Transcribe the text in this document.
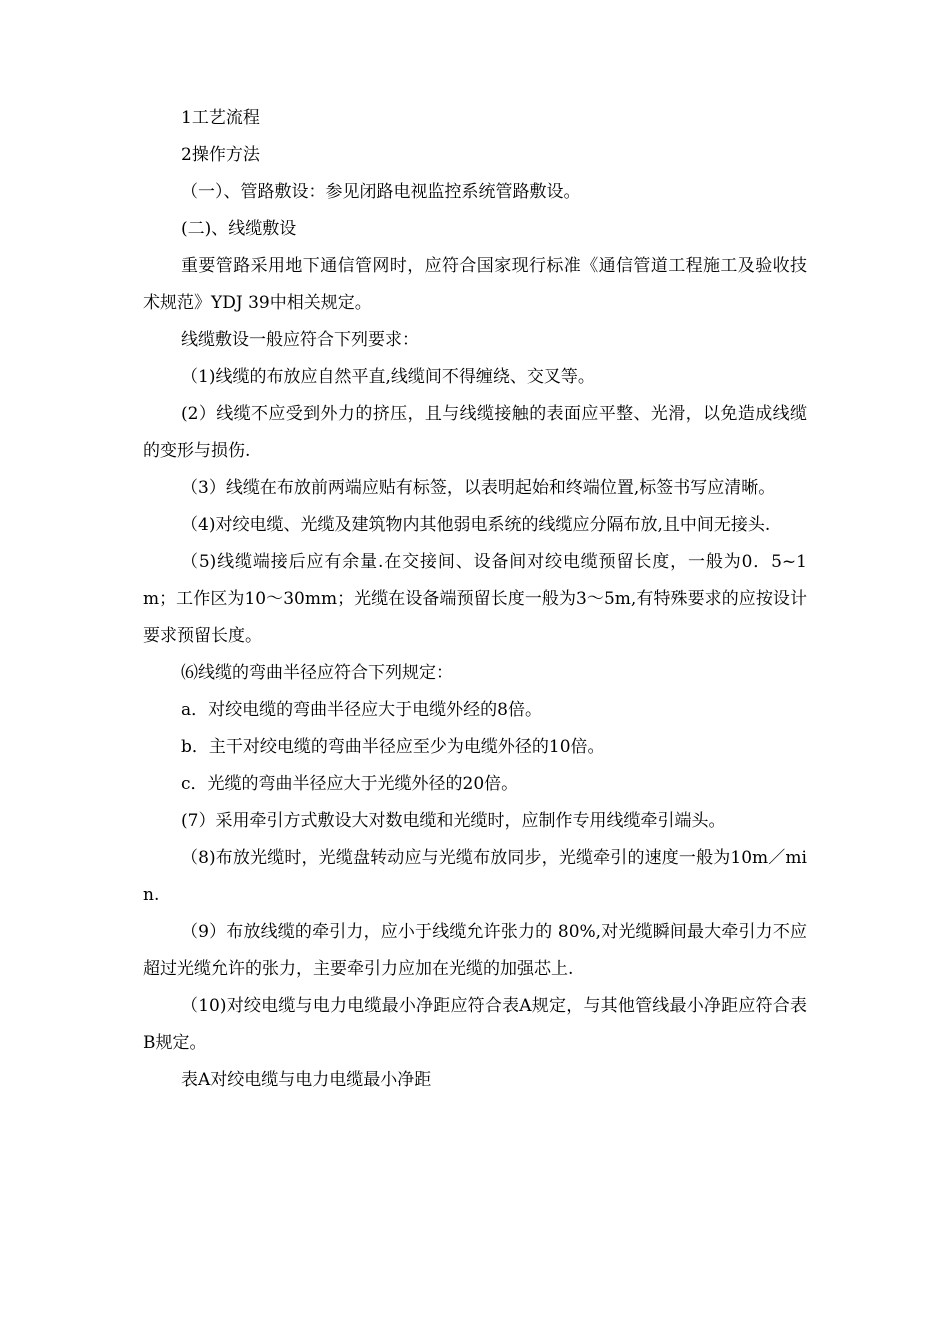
1工艺流程

2操作方法

（一）、管路敷设：参见闭路电视监控系统管路敷设。

(二)、线缆敷设

重要管路采用地下通信管网时，应符合国家现行标准《通信管道工程施工及验收技术规范》YDJ 39中相关规定。

线缆敷设一般应符合下列要求：

（1)线缆的布放应自然平直,线缆间不得缠绕、交叉等。

(2）线缆不应受到外力的挤压，且与线缆接触的表面应平整、光滑，以免造成线缆的变形与损伤.

（3）线缆在布放前两端应贴有标签，以表明起始和终端位置,标签书写应清晰。

（4)对绞电缆、光缆及建筑物内其他弱电系统的线缆应分隔布放,且中间无接头.

（5)线缆端接后应有余量.在交接间、设备间对绞电缆预留长度，一般为0．5~1m；工作区为10～30mm；光缆在设备端预留长度一般为3～5m,有特殊要求的应按设计要求预留长度。

⑹线缆的弯曲半径应符合下列规定：

a．对绞电缆的弯曲半径应大于电缆外经的8倍。

b．主干对绞电缆的弯曲半径应至少为电缆外径的10倍。

c．光缆的弯曲半径应大于光缆外径的20倍。

(7）采用牵引方式敷设大对数电缆和光缆时，应制作专用线缆牵引端头。

（8)布放光缆时，光缆盘转动应与光缆布放同步，光缆牵引的速度一般为10m／min.

（9）布放线缆的牵引力，应小于线缆允许张力的 80%,对光缆瞬间最大牵引力不应超过光缆允许的张力，主要牵引力应加在光缆的加强芯上.

（10)对绞电缆与电力电缆最小净距应符合表A规定，与其他管线最小净距应符合表B规定。

表A对绞电缆与电力电缆最小净距
